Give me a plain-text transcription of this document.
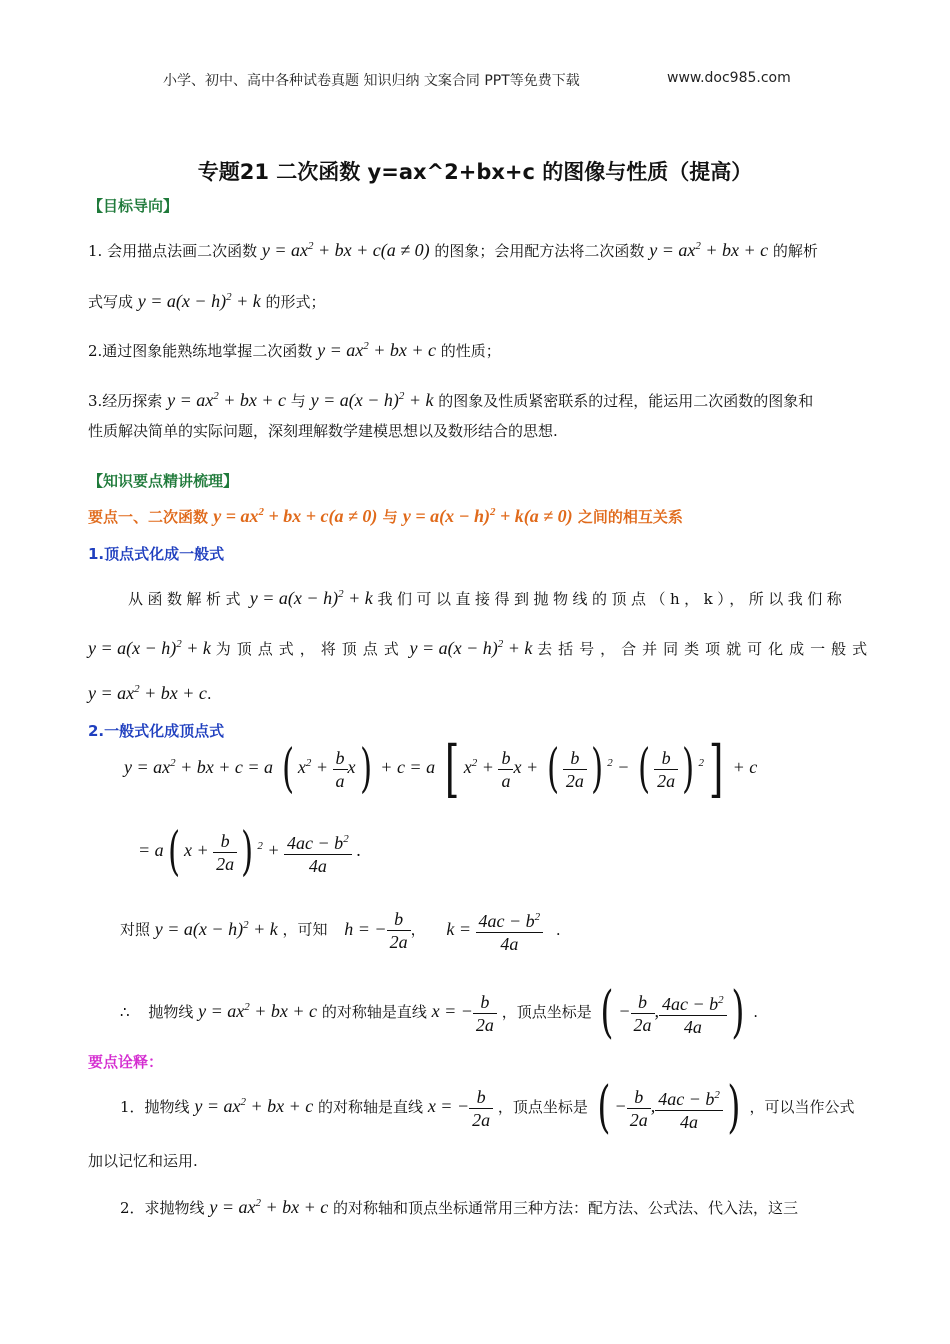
小学、初中、高中各种试卷真题 知识归纳 文案合同 PPT等免费下载	www.doc985.com
专题21 二次函数 y=ax^2+bx+c 的图像与性质（提高）
【目标导向】
1. 会用描点法画二次函数 $y = ax^2$ + bx + c(a ≠ 0) 的图象；会用配方法将二次函数 $y = ax^2$ + bx + c 的解析
式写成 $y = a(x - h)^2 + k$ 的形式；
2.通过图象能熟练地掌握二次函数 $y = ax^2$ + bx + c 的性质；
3.经历探索 $y = ax^2$ + bx + c 与 $y = a(x - h)^2 + k$ 的图象及性质紧密联系的过程，能运用二次函数的图象和
性质解决简单的实际问题，深刻理解数学建模思想以及数形结合的思想.
【知识要点精讲梳理】
要点一、二次函数 $y = ax^2$ + bx + c(a ≠ 0) 与 $y = a(x - h)^2 + k(a \ne 0)$ 之间的相互关系
1.顶点式化成一般式
从函数解析式 $y = a(x - h)^2 + k$ 我们可以直接得到抛物线的顶点（h，k），所以我们称
$y = a(x - h)^2 + k$ 为顶点式，将顶点式 $y = a(x - h)^2 + k$ 去括号，合并同类项就可化成一般式
$y = ax^2$ + bx + c.
2.一般式化成顶点式
$y = ax^2$ + bx + c = a ( $x^2 + \frac{b}{a} x) + c = a$ [ $x^2 + \frac{b}{a}$ x + ( $\frac{b}{2a}$ ) $^2$ − ( $\frac{b}{2a}$ ) $^2$] + c
= a( $x + \frac{b}{2a}$ ) $^2 + \frac{4ac - b^2}{4a}$ .
对照 $y = a(x - h)^2 + k$ ，可知 h = − $\frac{b}{2a}$ ， $k = \frac{4ac - b^2}{4a}$ .
∴ 抛物线 $y = ax^2$ + bx + c 的对称轴是直线 x = − $\frac{b}{2a}$ ，顶点坐标是 ( − $\frac{b}{2a}$ , $\frac{4ac - b^2}{4a}$ ) .
要点诠释：
1．抛物线 $y = ax^2$ + bx + c 的对称轴是直线 x = − $\frac{b}{2a}$ ，顶点坐标是 ( − $\frac{b}{2a}$ , $\frac{4ac - b^2}{4a}$ ) ，可以当作公式
加以记忆和运用.
2．求抛物线 $y = ax^2$ + bx + c 的对称轴和顶点坐标通常用三种方法：配方法、公式法、代入法，这三
